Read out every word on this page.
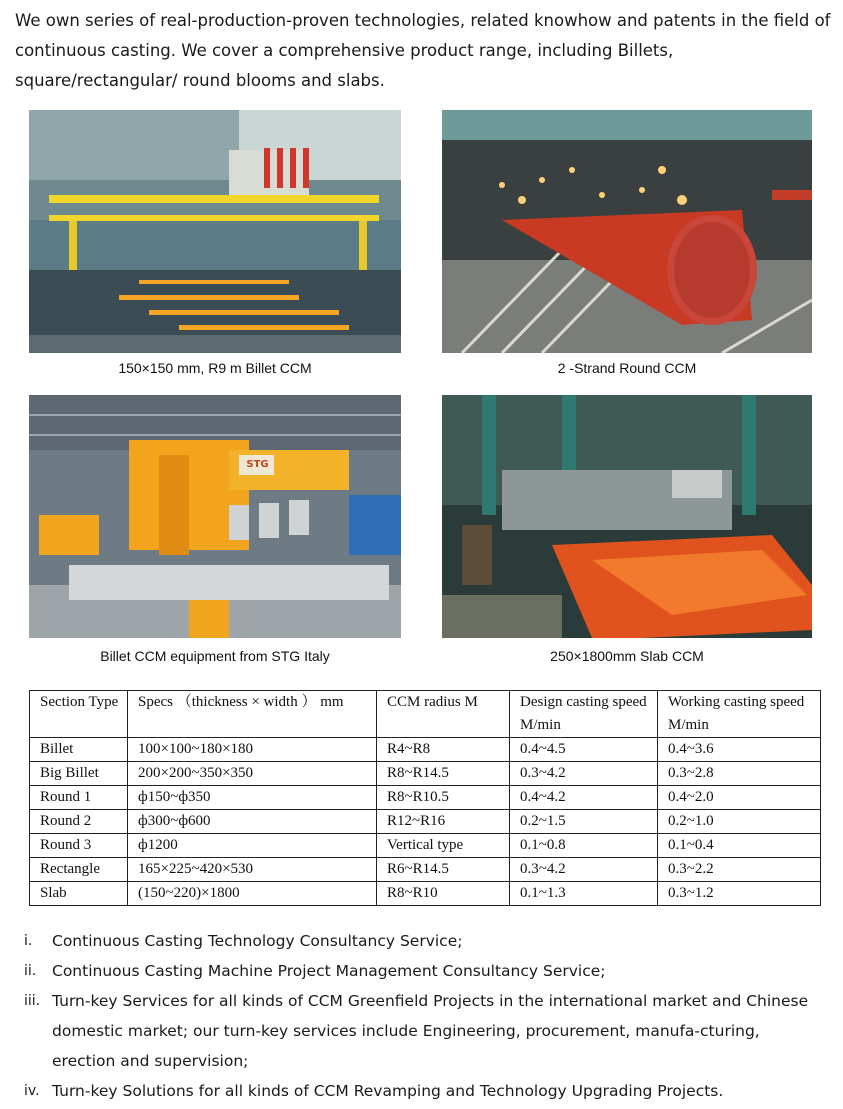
We own series of real-production-proven technologies, related knowhow and patents in the field of continuous casting. We cover a comprehensive product range, including Billets, square/rectangular/ round blooms and slabs.

150×150 mm, R9 m Billet CCM	2 -Strand Round CCM

STG

Billet CCM equipment from STG Italy	250×1800mm Slab CCM

Section Type	Specs （thickness × width ） mm	CCM radius M	Design casting speed M/min	Working casting speed M/min
Billet	100×100~180×180	R4~R8	0.4~4.5	0.4~3.6
Big Billet	200×200~350×350	R8~R14.5	0.3~4.2	0.3~2.8
Round 1	ф150~ф350	R8~R10.5	0.4~4.2	0.4~2.0
Round 2	ф300~ф600	R12~R16	0.2~1.5	0.2~1.0
Round 3	ф1200	Vertical type	0.1~0.8	0.1~0.4
Rectangle	165×225~420×530	R6~R14.5	0.3~4.2	0.3~2.2
Slab	(150~220)×1800	R8~R10	0.1~1.3	0.3~1.2
i. Continuous Casting Technology Consultancy Service;
ii. Continuous Casting Machine Project Management Consultancy Service;
iii. Turn-key Services for all kinds of CCM Greenfield Projects in the international market and Chinese domestic market; our turn-key services include Engineering, procurement, manufa-cturing, erection and supervision;
iv. Turn-key Solutions for all kinds of CCM Revamping and Technology Upgrading Projects.
